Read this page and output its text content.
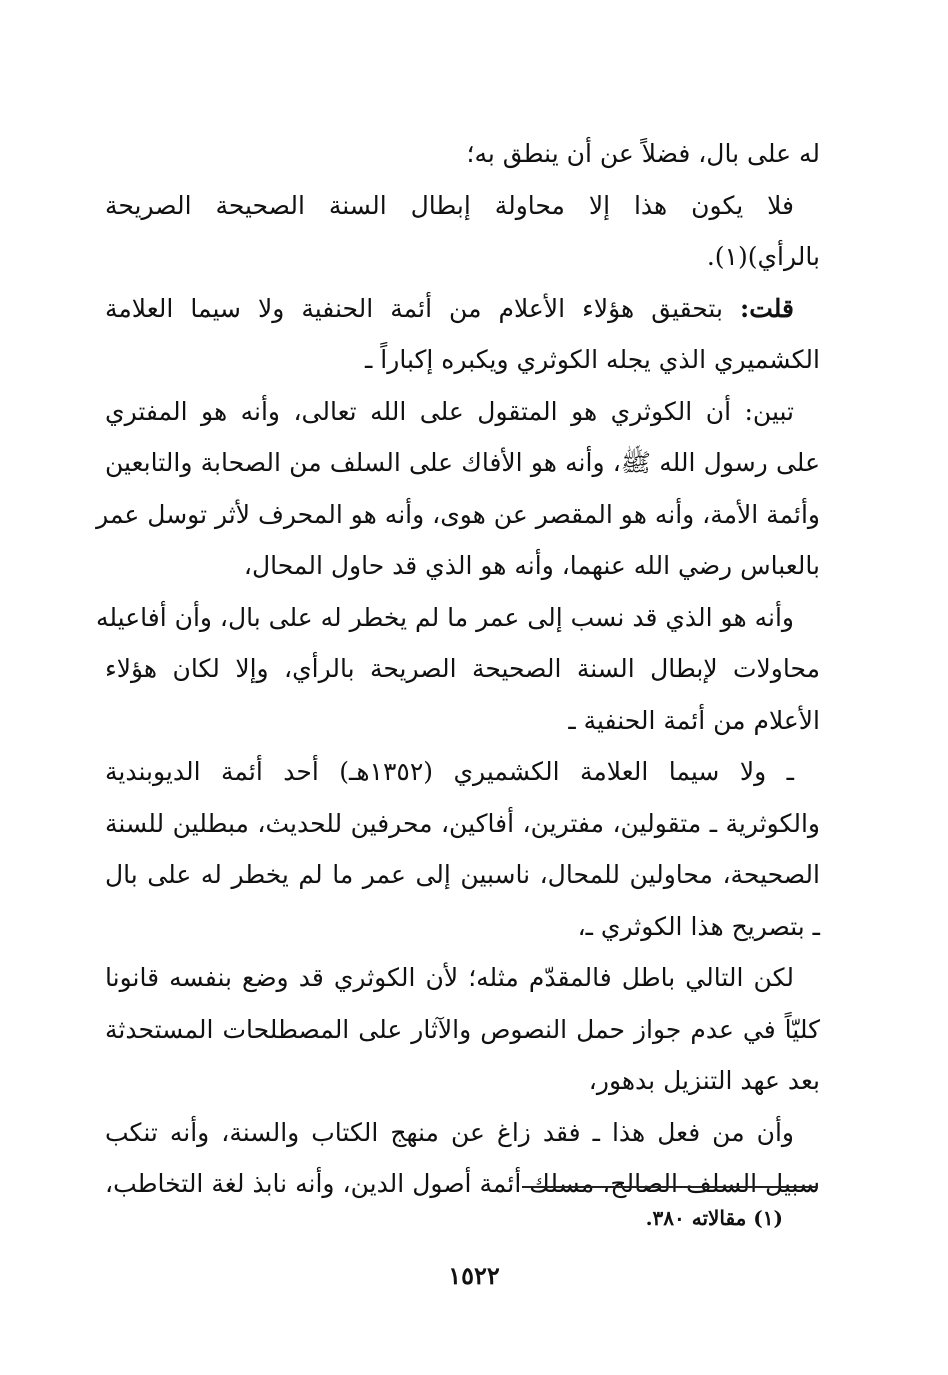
له على بال، فضلاً عن أن ينطق به؛

فلا يكون هذا إلا محاولة إبطال السنة الصحيحة الصريحة
بالرأي)(١).

قلت: بتحقيق هؤلاء الأعلام من أئمة الحنفية ولا سيما العلامة
الكشميري الذي يجله الكوثري ويكبره إكباراً ـ

تبين: أن الكوثري هو المتقول على الله تعالى، وأنه هو المفتري
على رسول الله ﷺ، وأنه هو الأفاك على السلف من الصحابة والتابعين
وأئمة الأمة، وأنه هو المقصر عن هوى، وأنه هو المحرف لأثر توسل عمر
بالعباس رضي الله عنهما، وأنه هو الذي قد حاول المحال،

وأنه هو الذي قد نسب إلى عمر ما لم يخطر له على بال، وأن أفاعيله
محاولات لإبطال السنة الصحيحة الصريحة بالرأي، وإلا لكان هؤلاء
الأعلام من أئمة الحنفية ـ

ـ ولا سيما العلامة الكشميري (١٣٥٢هـ) أحد أئمة الديوبندية
والكوثرية ـ متقولين، مفترين، أفاكين، محرفين للحديث، مبطلين للسنة
الصحيحة، محاولين للمحال، ناسبين إلى عمر ما لم يخطر له على بال
ـ بتصريح هذا الكوثري ـ،

لكن التالي باطل فالمقدّم مثله؛ لأن الكوثري قد وضع بنفسه قانونا
كليّاً في عدم جواز حمل النصوص والآثار على المصطلحات المستحدثة
بعد عهد التنزيل بدهور،

وأن من فعل هذا ـ فقد زاغ عن منهج الكتاب والسنة، وأنه تنكب
سبيل السلف الصالح، مسلك أئمة أصول الدين، وأنه نابذ لغة التخاطب،

(١) مقالاته ٣٨٠.
١٥٢٢
